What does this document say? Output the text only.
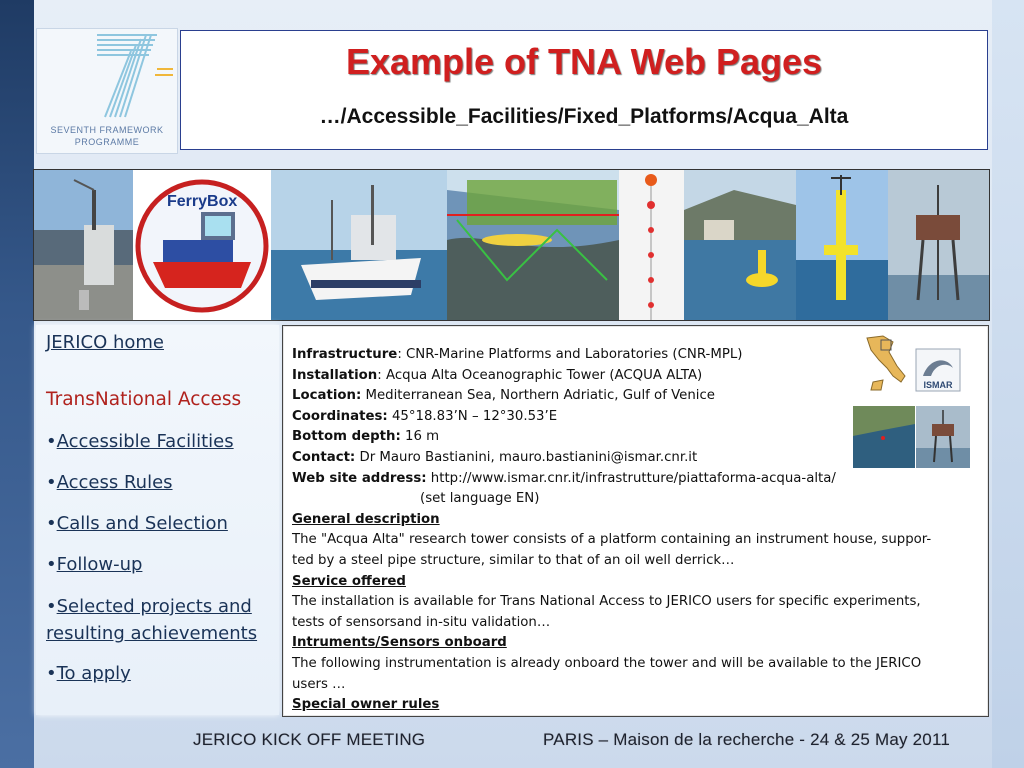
SEVENTH FRAMEWORK
PROGRAMME
Example of TNA Web Pages
…/Accessible_Facilities/Fixed_Platforms/Acqua_Alta
FerryBox
JERICO home
TransNational Access
•Accessible Facilities
•Access Rules
•Calls and Selection
•Follow-up
•Selected projects and resulting achievements
•To apply
Infrastructure: CNR-Marine Platforms and Laboratories (CNR-MPL)
Installation: Acqua Alta Oceanographic Tower (ACQUA ALTA)
Location: Mediterranean Sea, Northern Adriatic, Gulf of Venice
Coordinates: 45°18.83’N – 12°30.53’E
Bottom depth: 16 m
Contact: Dr Mauro Bastianini, mauro.bastianini@ismar.cnr.it
Web site address: http://www.ismar.cnr.it/infrastrutture/piattaforma-acqua-alta/
(set language EN)
General description
The "Acqua Alta" research tower consists of a platform containing an instrument house, suppor-
ted by a steel pipe structure, similar to that of an oil well derrick…
Service offered
The installation is available for Trans National Access to JERICO users for specific experiments,
tests of sensorsand in-situ validation…
Intruments/Sensors onboard
The following instrumentation is already onboard the tower and will be available to the JERICO
users …
Special owner rules
ISMAR
JERICO KICK OFF MEETING	PARIS – Maison de la recherche - 24 & 25 May 2011
